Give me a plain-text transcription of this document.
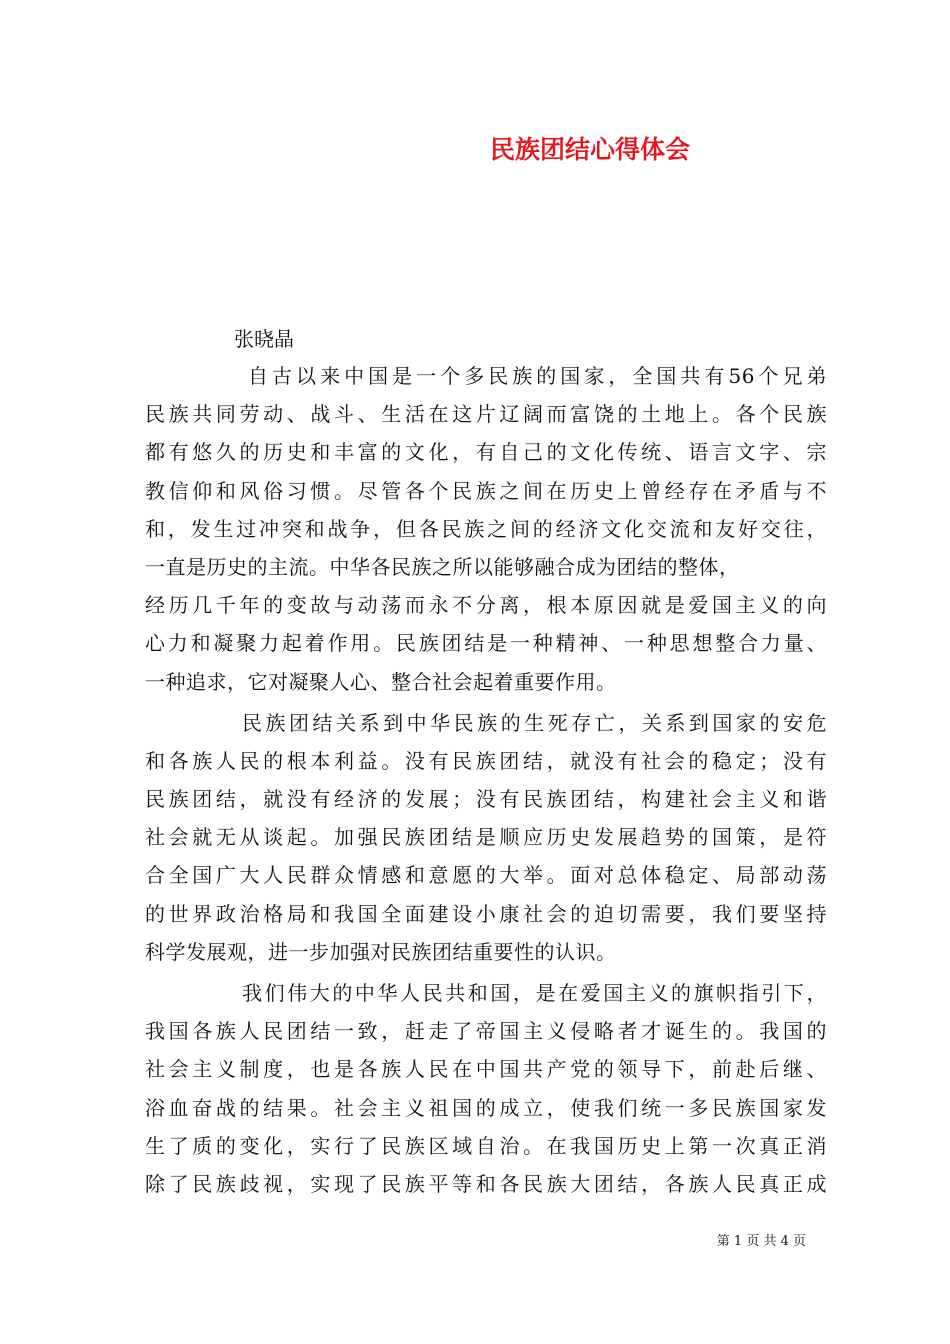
民族团结心得体会
张晓晶
自古以来中国是一个多民族的国家，全国共有56个兄弟
民族共同劳动、战斗、生活在这片辽阔而富饶的土地上。各个民族
都有悠久的历史和丰富的文化，有自己的文化传统、语言文字、宗
教信仰和风俗习惯。尽管各个民族之间在历史上曾经存在矛盾与不
和，发生过冲突和战争，但各民族之间的经济文化交流和友好交往，
一直是历史的主流。中华各民族之所以能够融合成为团结的整体，
经历几千年的变故与动荡而永不分离，根本原因就是爱国主义的向
心力和凝聚力起着作用。民族团结是一种精神、一种思想整合力量、
一种追求，它对凝聚人心、整合社会起着重要作用。
民族团结关系到中华民族的生死存亡，关系到国家的安危
和各族人民的根本利益。没有民族团结，就没有社会的稳定；没有
民族团结，就没有经济的发展；没有民族团结，构建社会主义和谐
社会就无从谈起。加强民族团结是顺应历史发展趋势的国策，是符
合全国广大人民群众情感和意愿的大举。面对总体稳定、局部动荡
的世界政治格局和我国全面建设小康社会的迫切需要，我们要坚持
科学发展观，进一步加强对民族团结重要性的认识。
我们伟大的中华人民共和国，是在爱国主义的旗帜指引下，
我国各族人民团结一致，赶走了帝国主义侵略者才诞生的。我国的
社会主义制度，也是各族人民在中国共产党的领导下，前赴后继、
浴血奋战的结果。社会主义祖国的成立，使我们统一多民族国家发
生了质的变化，实行了民族区域自治。在我国历史上第一次真正消
除了民族歧视，实现了民族平等和各民族大团结，各族人民真正成
第 1 页 共 4 页
